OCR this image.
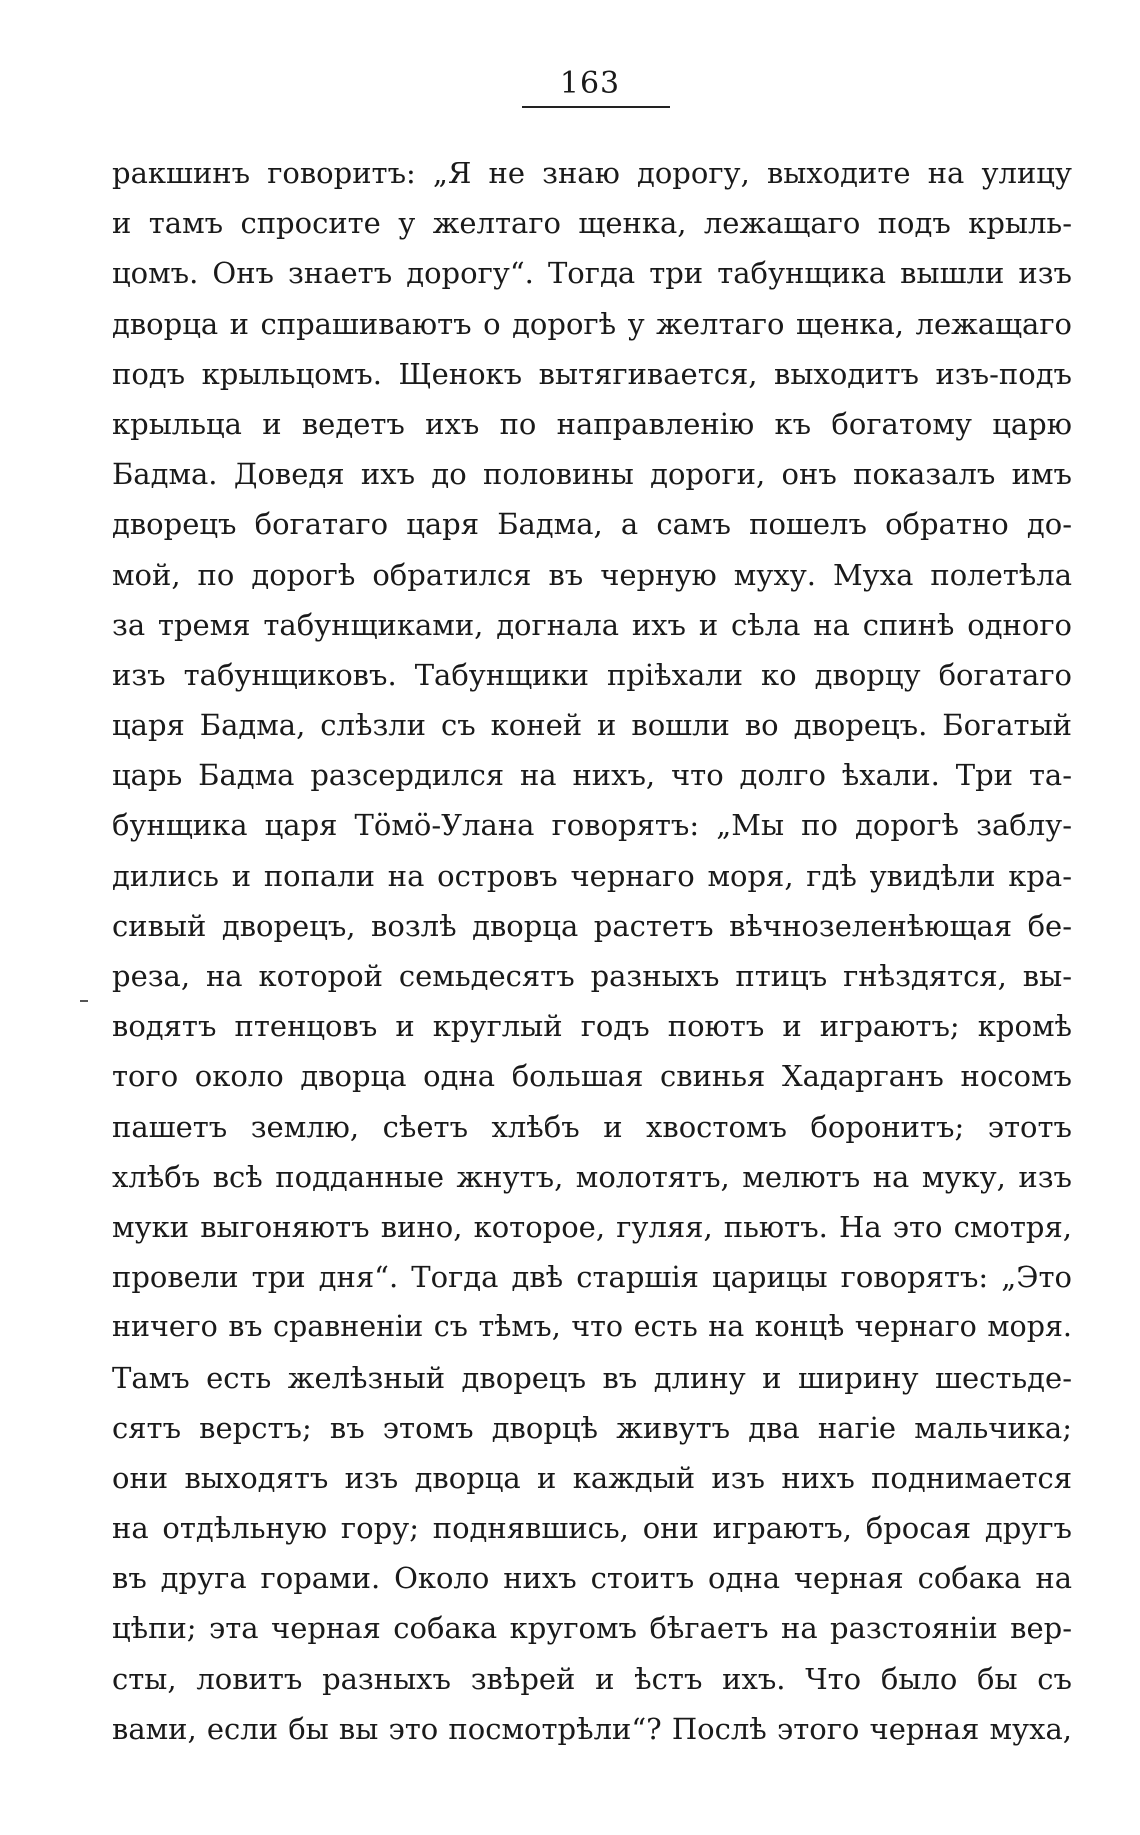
163
ракшинъ говоритъ: „Я не знаю дорогу, выходите на улицу
и тамъ спросите у желтаго щенка, лежащаго подъ крыль-
цомъ. Онъ знаетъ дорогу“. Тогда три табунщика вышли изъ
дворца и спрашиваютъ о дорогѣ у желтаго щенка, лежащаго
подъ крыльцомъ. Щенокъ вытягивается, выходитъ изъ-подъ
крыльца и ведетъ ихъ по направленію къ богатому царю
Бадма. Доведя ихъ до половины дороги, онъ показалъ имъ
дворецъ богатаго царя Бадма, а самъ пошелъ обратно до-
мой, по дорогѣ обратился въ черную муху. Муха полетѣла
за тремя табунщиками, догнала ихъ и сѣла на спинѣ одного
изъ табунщиковъ. Табунщики пріѣхали ко дворцу богатаго
царя Бадма, слѣзли съ коней и вошли во дворецъ. Богатый
царь Бадма разсердился на нихъ, что долго ѣхали. Три та-
бунщика царя Тӧмӧ-Улана говорятъ: „Мы по дорогѣ заблу-
дились и попали на островъ чернаго моря, гдѣ увидѣли кра-
сивый дворецъ, возлѣ дворца растетъ вѣчнозеленѣющая бе-
реза, на которой семьдесятъ разныхъ птицъ гнѣздятся, вы-
водятъ птенцовъ и круглый годъ поютъ и играютъ; кромѣ
того около дворца одна большая свинья Хадарганъ носомъ
пашетъ землю, сѣетъ хлѣбъ и хвостомъ боронитъ; этотъ
хлѣбъ всѣ подданные жнутъ, молотятъ, мелютъ на муку, изъ
муки выгоняютъ вино, которое, гуляя, пьютъ. На это смотря,
провели три дня“. Тогда двѣ старшія царицы говорятъ: „Это
ничего въ сравненіи съ тѣмъ, что есть на концѣ чернаго моря.
Тамъ есть желѣзный дворецъ въ длину и ширину шестьде-
сятъ верстъ; въ этомъ дворцѣ живутъ два нагіе мальчика;
они выходятъ изъ дворца и каждый изъ нихъ поднимается
на отдѣльную гору; поднявшись, они играютъ, бросая другъ
въ друга горами. Около нихъ стоитъ одна черная собака на
цѣпи; эта черная собака кругомъ бѣгаетъ на разстояніи вер-
сты, ловитъ разныхъ звѣрей и ѣстъ ихъ. Что было бы съ
вами, если бы вы это посмотрѣли“? Послѣ этого черная муха,
